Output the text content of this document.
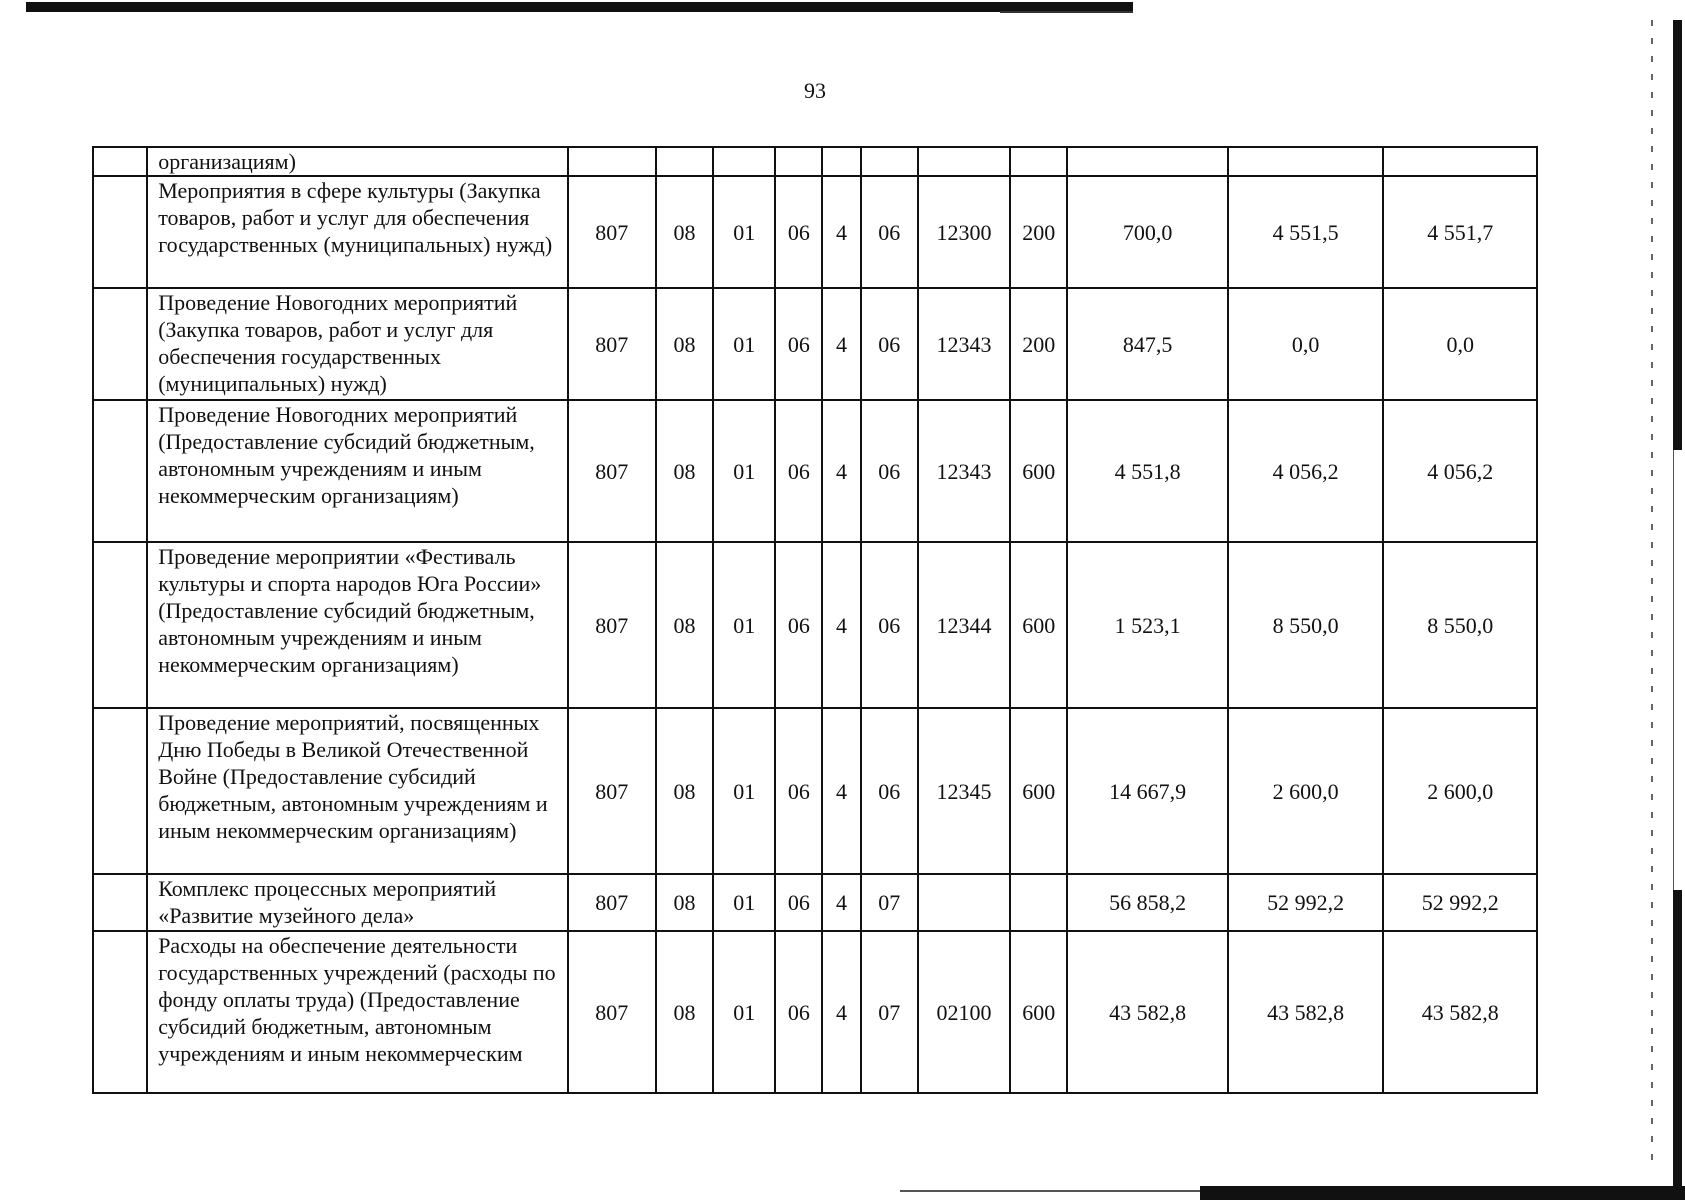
93
	организациям)											
	Мероприятия в сфере культуры (Закупка товаров, работ и услуг для обеспечения государственных (муниципальных) нужд)	807	08	01	06	4	06	12300	200	700,0	4 551,5	4 551,7
	Проведение Новогодних мероприятий (Закупка товаров, работ и услуг для обеспечения государственных (муниципальных) нужд)	807	08	01	06	4	06	12343	200	847,5	0,0	0,0
	Проведение Новогодних мероприятий (Предоставление субсидий бюджетным, автономным учреждениям и иным некоммерческим организациям)	807	08	01	06	4	06	12343	600	4 551,8	4 056,2	4 056,2
	Проведение мероприятии «Фестиваль культуры и спорта народов Юга России» (Предоставление субсидий бюджетным, автономным учреждениям и иным некоммерческим организациям)	807	08	01	06	4	06	12344	600	1 523,1	8 550,0	8 550,0
	Проведение мероприятий, посвященных Дню Победы в Великой Отечественной Войне (Предоставление субсидий бюджетным, автономным учреждениям и иным некоммерческим организациям)	807	08	01	06	4	06	12345	600	14 667,9	2 600,0	2 600,0
	Комплекс процессных мероприятий «Развитие музейного дела»	807	08	01	06	4	07			56 858,2	52 992,2	52 992,2
	Расходы на обеспечение деятельности государственных учреждений (расходы по фонду оплаты труда) (Предоставление субсидий бюджетным, автономным учреждениям и иным некоммерческим	807	08	01	06	4	07	02100	600	43 582,8	43 582,8	43 582,8
